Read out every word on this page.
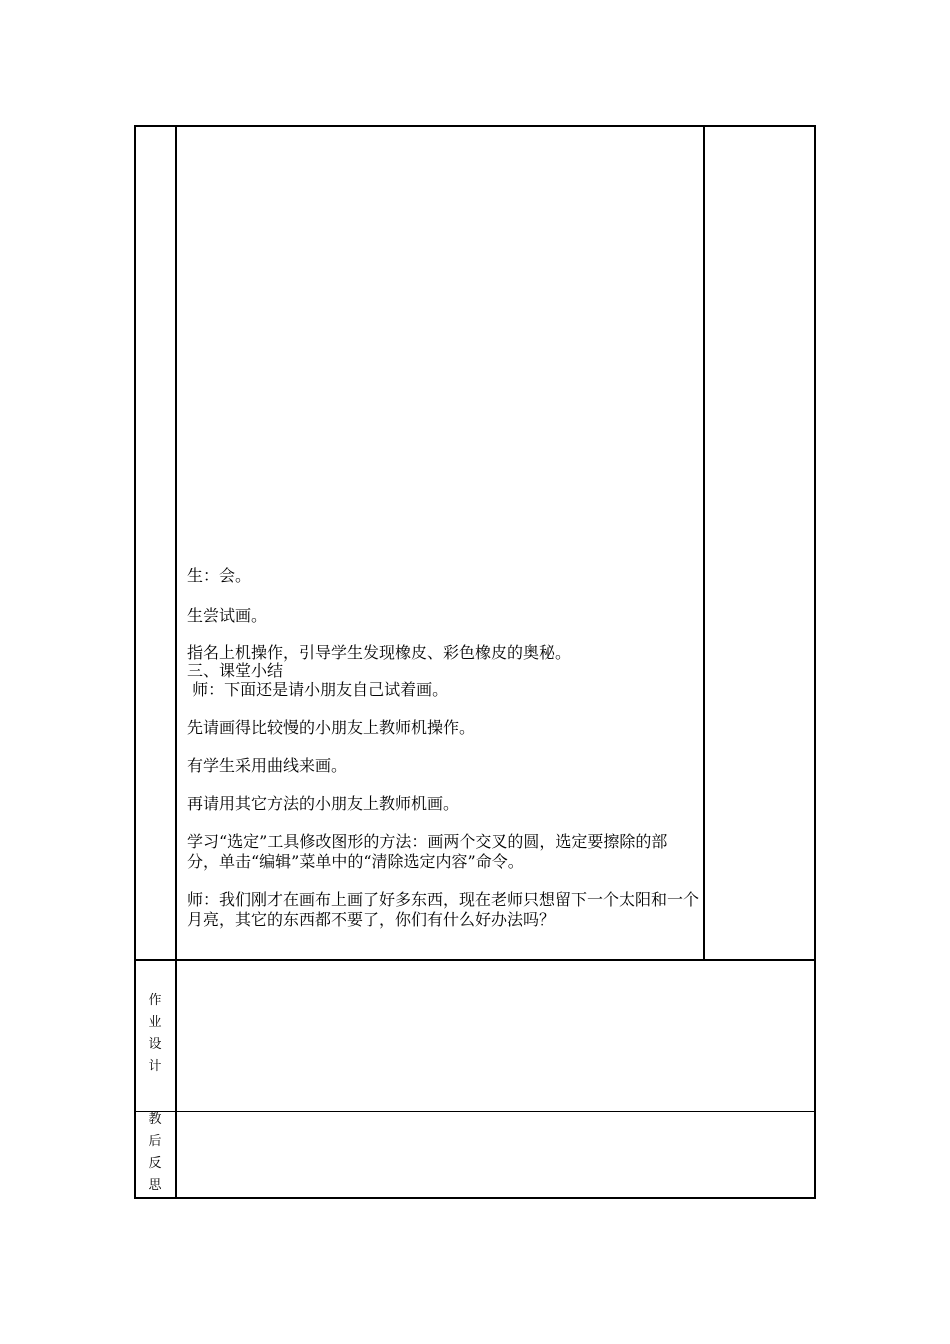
生：会。

生尝试画。

指名上机操作，引导学生发现橡皮、彩色橡皮的奥秘。

三、课堂小结

师：下面还是请小朋友自己试着画。

先请画得比较慢的小朋友上教师机操作。

有学生采用曲线来画。

再请用其它方法的小朋友上教师机画。

学习“选定”工具修改图形的方法：画两个交叉的圆，选定要擦除的部分，单击“编辑”菜单中的“清除选定内容”命令。

师：我们刚才在画布上画了好多东西，现在老师只想留下一个太阳和一个月亮，其它的东西都不要了，你们有什么好办法吗？

作
业
设
计
教
后
反
思
